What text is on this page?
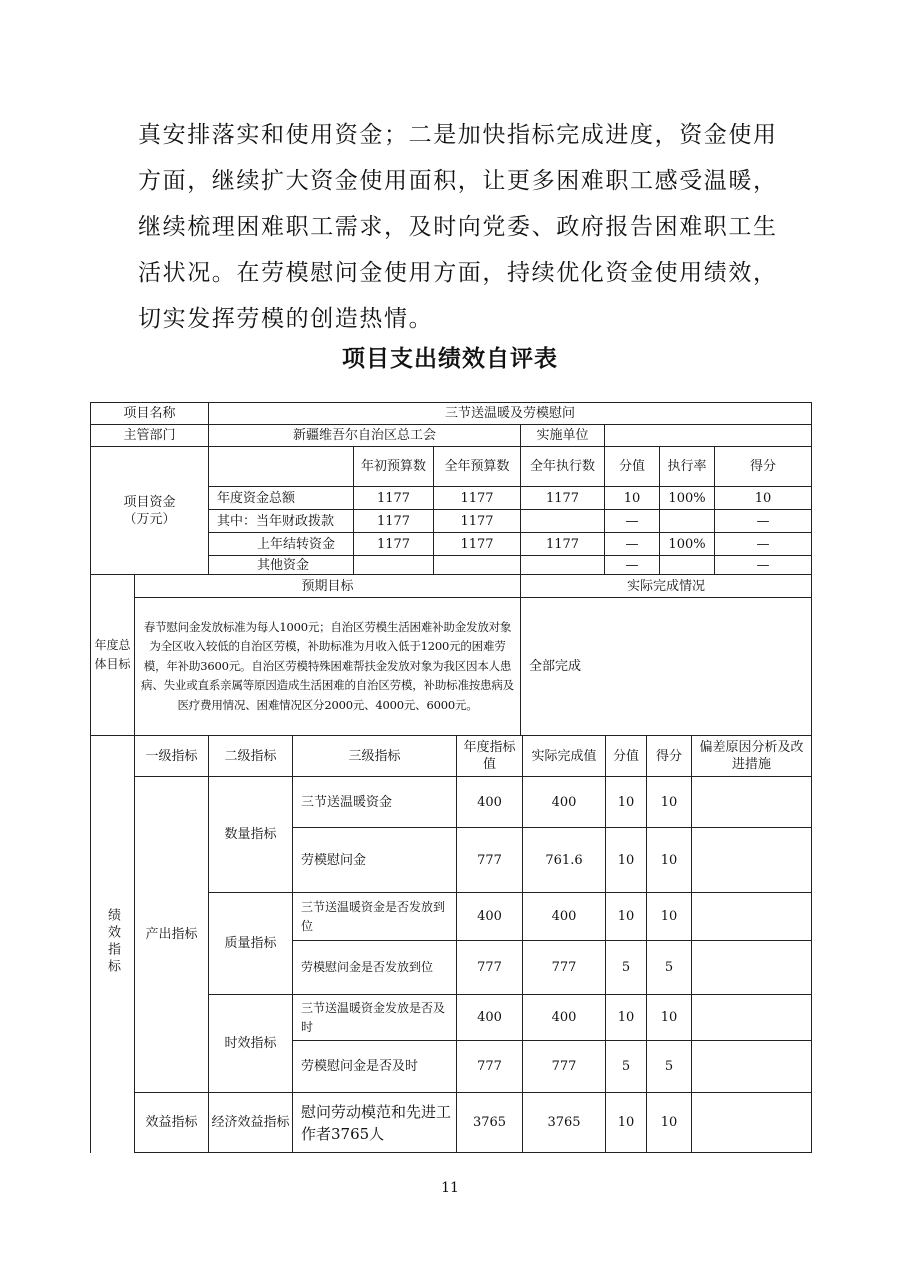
真安排落实和使用资金；二是加快指标完成进度，资金使用

方面，继续扩大资金使用面积，让更多困难职工感受温暖，

继续梳理困难职工需求，及时向党委、政府报告困难职工生

活状况。在劳模慰问金使用方面，持续优化资金使用绩效，

切实发挥劳模的创造热情。

项目支出绩效自评表
项目名称		三节送温暖及劳模慰问						
主管部门		新疆维吾尔自治区总工会			实施单位			

项目资金
（万元）			年初预算数	全年预算数	全年执行数	分值	执行率	得分
		年度资金总额	1177	1177	1177	10	100%	10
		其中：当年财政拨款	1177	1177		—		—
		上年结转资金	1177	1177	1177	—	100%	—
		其他资金				—		—
年度总体目标	预期目标				实际完成情况			
	春节慰问金发放标准为每人1000元；自治区劳模生活困难补助金发放对象为全区收入较低的自治区劳模，补助标准为月收入低于1200元的困难劳模，年补助3600元。自治区劳模特殊困难帮扶金发放对象为我区因本人患病、失业或直系亲属等原因造成生活困难的自治区劳模，补助标准按患病及医疗费用情况、困难情况区分2000元、4000元、6000元。				全部完成			
绩效指标	一级指标	二级指标	三级指标	年度指标值	实际完成值	分值	得分	偏差原因分析及改进措施
	产出指标	数量指标	三节送温暖资金	400	400	10	10	
			劳模慰问金	777	761.6	10	10	
		质量指标	三节送温暖资金是否发放到位	400	400	10	10	
			劳模慰问金是否发放到位	777	777	5	5	
		时效指标	三节送温暖资金发放是否及时	400	400	10	10	
			劳模慰问金是否及时	777	777	5	5	
	效益指标	经济效益指标	慰问劳动模范和先进工作者3765人	3765	3765	10	10	
11
